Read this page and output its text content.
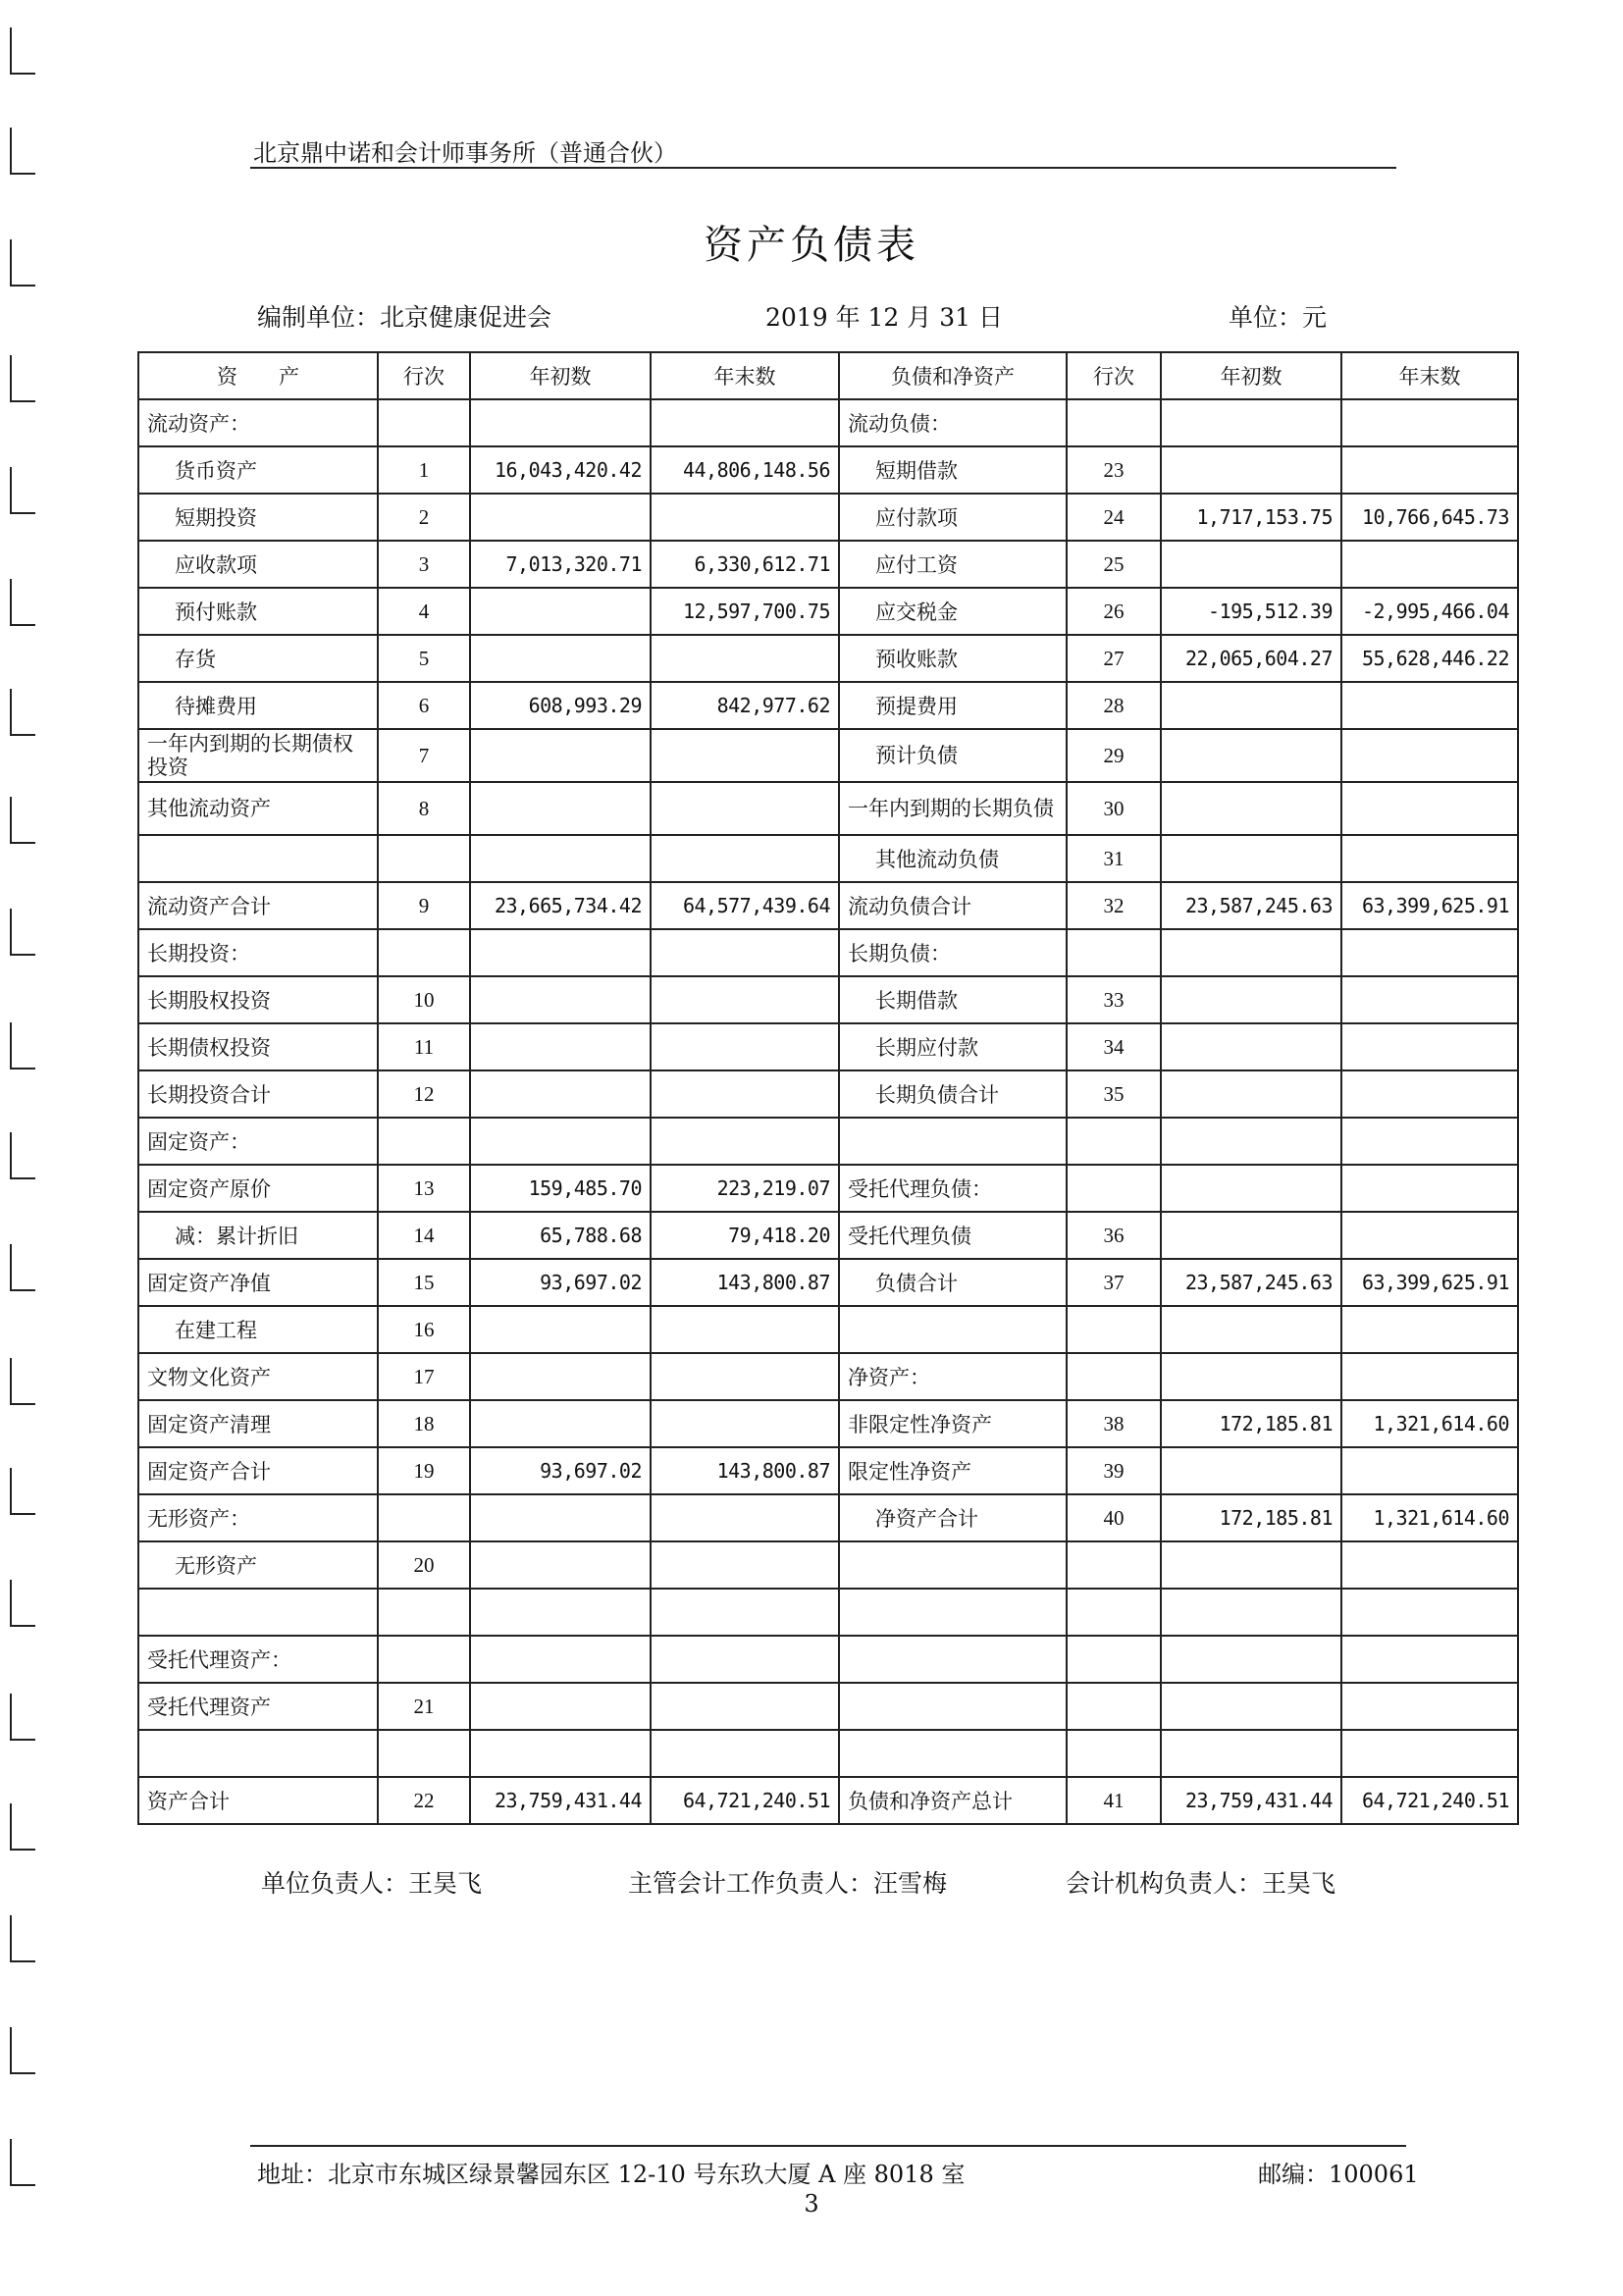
北京鼎中诺和会计师事务所（普通合伙）
资产负债表
编制单位：北京健康促进会	2019 年 12 月 31 日	单位：元
资　　产	行次	年初数	年末数	负债和净资产	行次	年初数	年末数
流动资产：				流动负债：			
货币资产	1	16,043,420.42	44,806,148.56	短期借款	23		
短期投资	2			应付款项	24	1,717,153.75	10,766,645.73
应收款项	3	7,013,320.71	6,330,612.71	应付工资	25		
预付账款	4		12,597,700.75	应交税金	26	-195,512.39	-2,995,466.04
存货	5			预收账款	27	22,065,604.27	55,628,446.22
待摊费用	6	608,993.29	842,977.62	预提费用	28		
一年内到期的长期债权投资	7			预计负债	29		
其他流动资产	8			一年内到期的长期负债	30		
				其他流动负债	31		
流动资产合计	9	23,665,734.42	64,577,439.64	流动负债合计	32	23,587,245.63	63,399,625.91
长期投资：				长期负债：			
长期股权投资	10			长期借款	33		
长期债权投资	11			长期应付款	34		
长期投资合计	12			长期负债合计	35		
固定资产：							
固定资产原价	13	159,485.70	223,219.07	受托代理负债：			
减：累计折旧	14	65,788.68	79,418.20	受托代理负债	36		
固定资产净值	15	93,697.02	143,800.87	负债合计	37	23,587,245.63	63,399,625.91
在建工程	16						
文物文化资产	17			净资产：			
固定资产清理	18			非限定性净资产	38	172,185.81	1,321,614.60
固定资产合计	19	93,697.02	143,800.87	限定性净资产	39		
无形资产：				净资产合计	40	172,185.81	1,321,614.60
无形资产	20						

受托代理资产：							
受托代理资产	21						

资产合计	22	23,759,431.44	64,721,240.51	负债和净资产总计	41	23,759,431.44	64,721,240.51
单位负责人：王昊飞	主管会计工作负责人：汪雪梅	会计机构负责人：王昊飞
地址：北京市东城区绿景馨园东区 12-10 号东玖大厦 A 座 8018 室	邮编：100061
3
